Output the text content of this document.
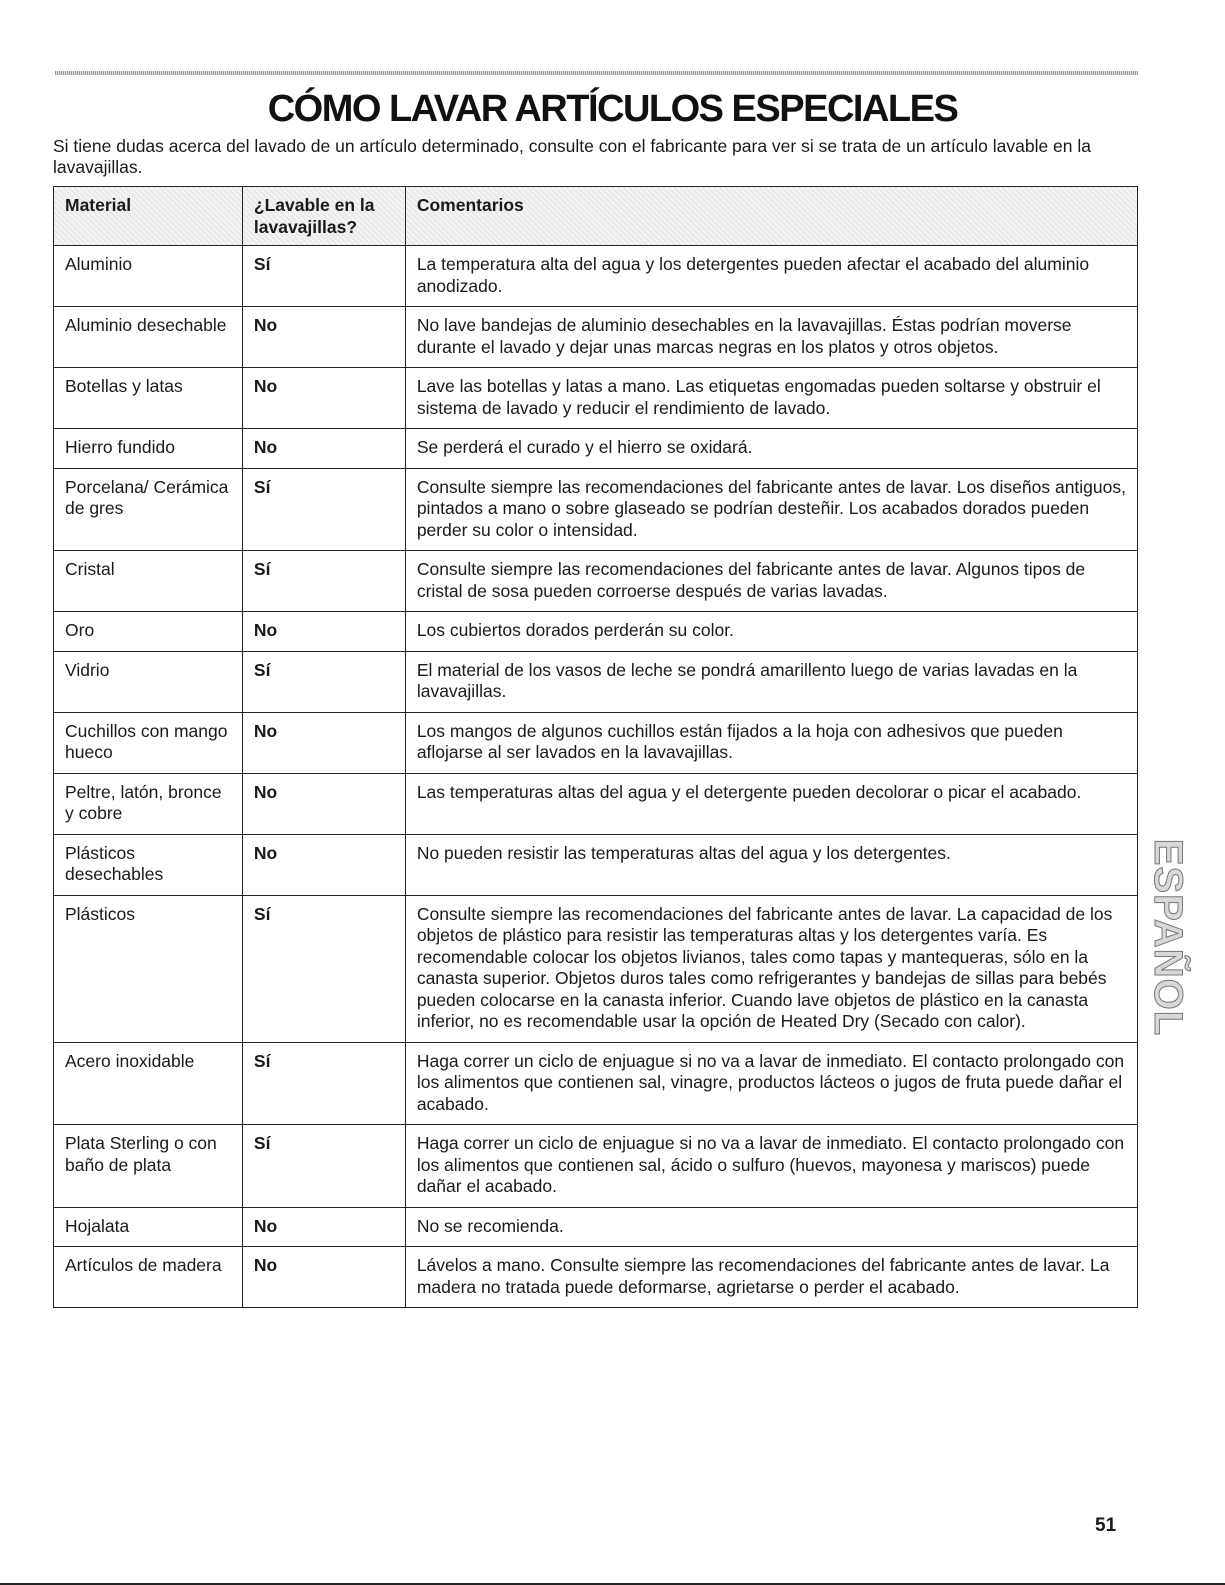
CÓMO LAVAR ARTÍCULOS ESPECIALES

Si tiene dudas acerca del lavado de un artículo determinado, consulte con el fabricante para ver si se trata de un artículo lavable en la lavavajillas.

Material	¿Lavable en la lavavajillas?	Comentarios
Aluminio	Sí	La temperatura alta del agua y los detergentes pueden afectar el acabado del aluminio anodizado.
Aluminio desechable	No	No lave bandejas de aluminio desechables en la lavavajillas. Éstas podrían moverse durante el lavado y dejar unas marcas negras en los platos y otros objetos.
Botellas y latas	No	Lave las botellas y latas a mano. Las etiquetas engomadas pueden soltarse y obstruir el sistema de lavado y reducir el rendimiento de lavado.
Hierro fundido	No	Se perderá el curado y el hierro se oxidará.
Porcelana/ Cerámica de gres	Sí	Consulte siempre las recomendaciones del fabricante antes de lavar. Los diseños antiguos, pintados a mano o sobre glaseado se podrían desteñir. Los acabados dorados pueden perder su color o intensidad.
Cristal	Sí	Consulte siempre las recomendaciones del fabricante antes de lavar. Algunos tipos de cristal de sosa pueden corroerse después de varias lavadas.
Oro	No	Los cubiertos dorados perderán su color.
Vidrio	Sí	El material de los vasos de leche se pondrá amarillento luego de varias lavadas en la lavavajillas.
Cuchillos con mango hueco	No	Los mangos de algunos cuchillos están fijados a la hoja con adhesivos que pueden aflojarse al ser lavados en la lavavajillas.
Peltre, latón, bronce y cobre	No	Las temperaturas altas del agua y el detergente pueden decolorar o picar el acabado.
Plásticos desechables	No	No pueden resistir las temperaturas altas del agua y los detergentes.
Plásticos	Sí	Consulte siempre las recomendaciones del fabricante antes de lavar. La capacidad de los objetos de plástico para resistir las temperaturas altas y los detergentes varía. Es recomendable colocar los objetos livianos, tales como tapas y mantequeras, sólo en la canasta superior. Objetos duros tales como refrigerantes y bandejas de sillas para bebés pueden colocarse en la canasta inferior. Cuando lave objetos de plástico en la canasta inferior, no es recomendable usar la opción de Heated Dry (Secado con calor).
Acero inoxidable	Sí	Haga correr un ciclo de enjuague si no va a lavar de inmediato. El contacto prolongado con los alimentos que contienen sal, vinagre, productos lácteos o jugos de fruta puede dañar el acabado.
Plata Sterling o con baño de plata	Sí	Haga correr un ciclo de enjuague si no va a lavar de inmediato. El contacto prolongado con los alimentos que contienen sal, ácido o sulfuro (huevos, mayonesa y mariscos) puede dañar el acabado.
Hojalata	No	No se recomienda.
Artículos de madera	No	Lávelos a mano. Consulte siempre las recomendaciones del fabricante antes de lavar. La madera no tratada puede deformarse, agrietarse o perder el acabado.
ESPAÑOL
51
